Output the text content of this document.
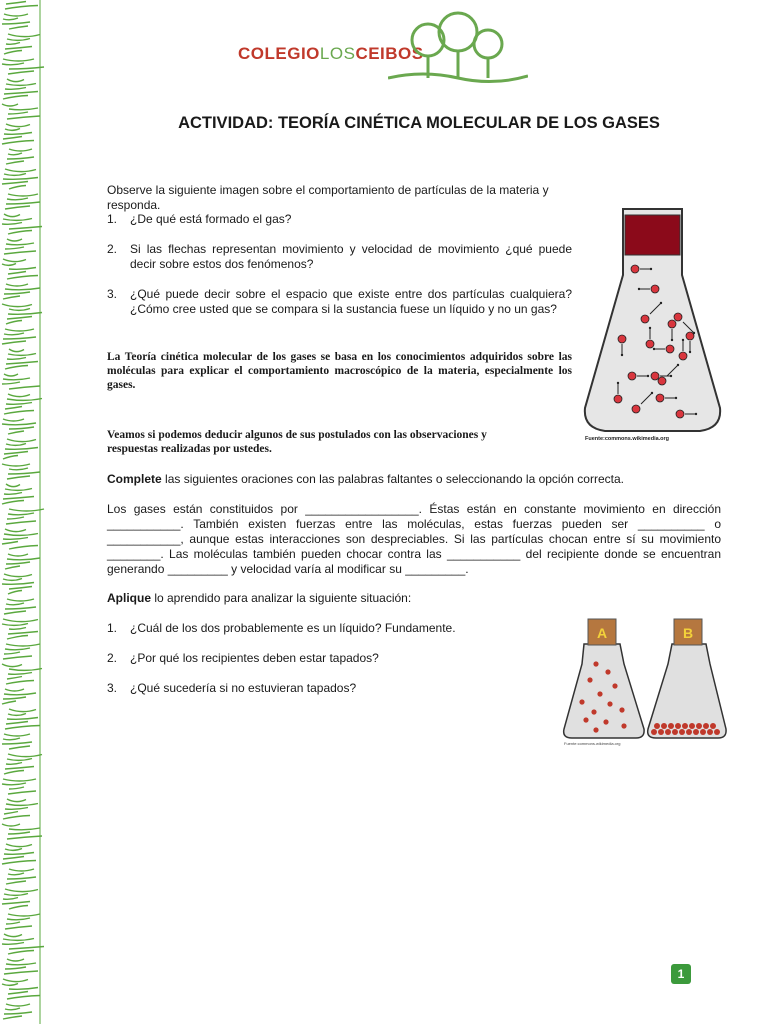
COLEGIOLOSCEIBOS
ACTIVIDAD: TEORÍA CINÉTICA MOLECULAR DE LOS GASES
Observe la siguiente imagen sobre el comportamiento de partículas de la materia y responda.
1. ¿De qué está formado el gas?
2. Si las flechas representan movimiento y velocidad de movimiento ¿qué puede decir sobre estos dos fenómenos?
3. ¿Qué puede decir sobre el espacio que existe entre dos partículas cualquiera? ¿Cómo cree usted que se compara si la sustancia fuese un líquido y no un gas?
La Teoría cinética molecular de los gases se basa en los conocimientos adquiridos sobre las moléculas para explicar el comportamiento macroscópico de la materia, especialmente los gases.
Veamos si podemos deducir algunos de sus postulados con las observaciones y respuestas realizadas por ustedes.
Complete las siguientes oraciones con las palabras faltantes o seleccionando la opción correcta.
Los gases están constituidos por _________________. Éstas están en constante movimiento en dirección ___________. También existen fuerzas entre las moléculas, estas fuerzas pueden ser __________ o ___________, aunque estas interacciones son despreciables. Si las partículas chocan entre sí su movimiento ________. Las moléculas también pueden chocar contra las ___________ del recipiente donde se encuentran generando _________ y velocidad varía al modificar su _________.
Aplique lo aprendido para analizar la siguiente situación:
1. ¿Cuál de los dos probablemente es un líquido? Fundamente.
2. ¿Por qué los recipientes deben estar tapados?
3. ¿Qué sucedería si no estuvieran tapados?
Fuente:commons.wikimedia.org
A	B
Fuente:commons.wikimedia.org
1
